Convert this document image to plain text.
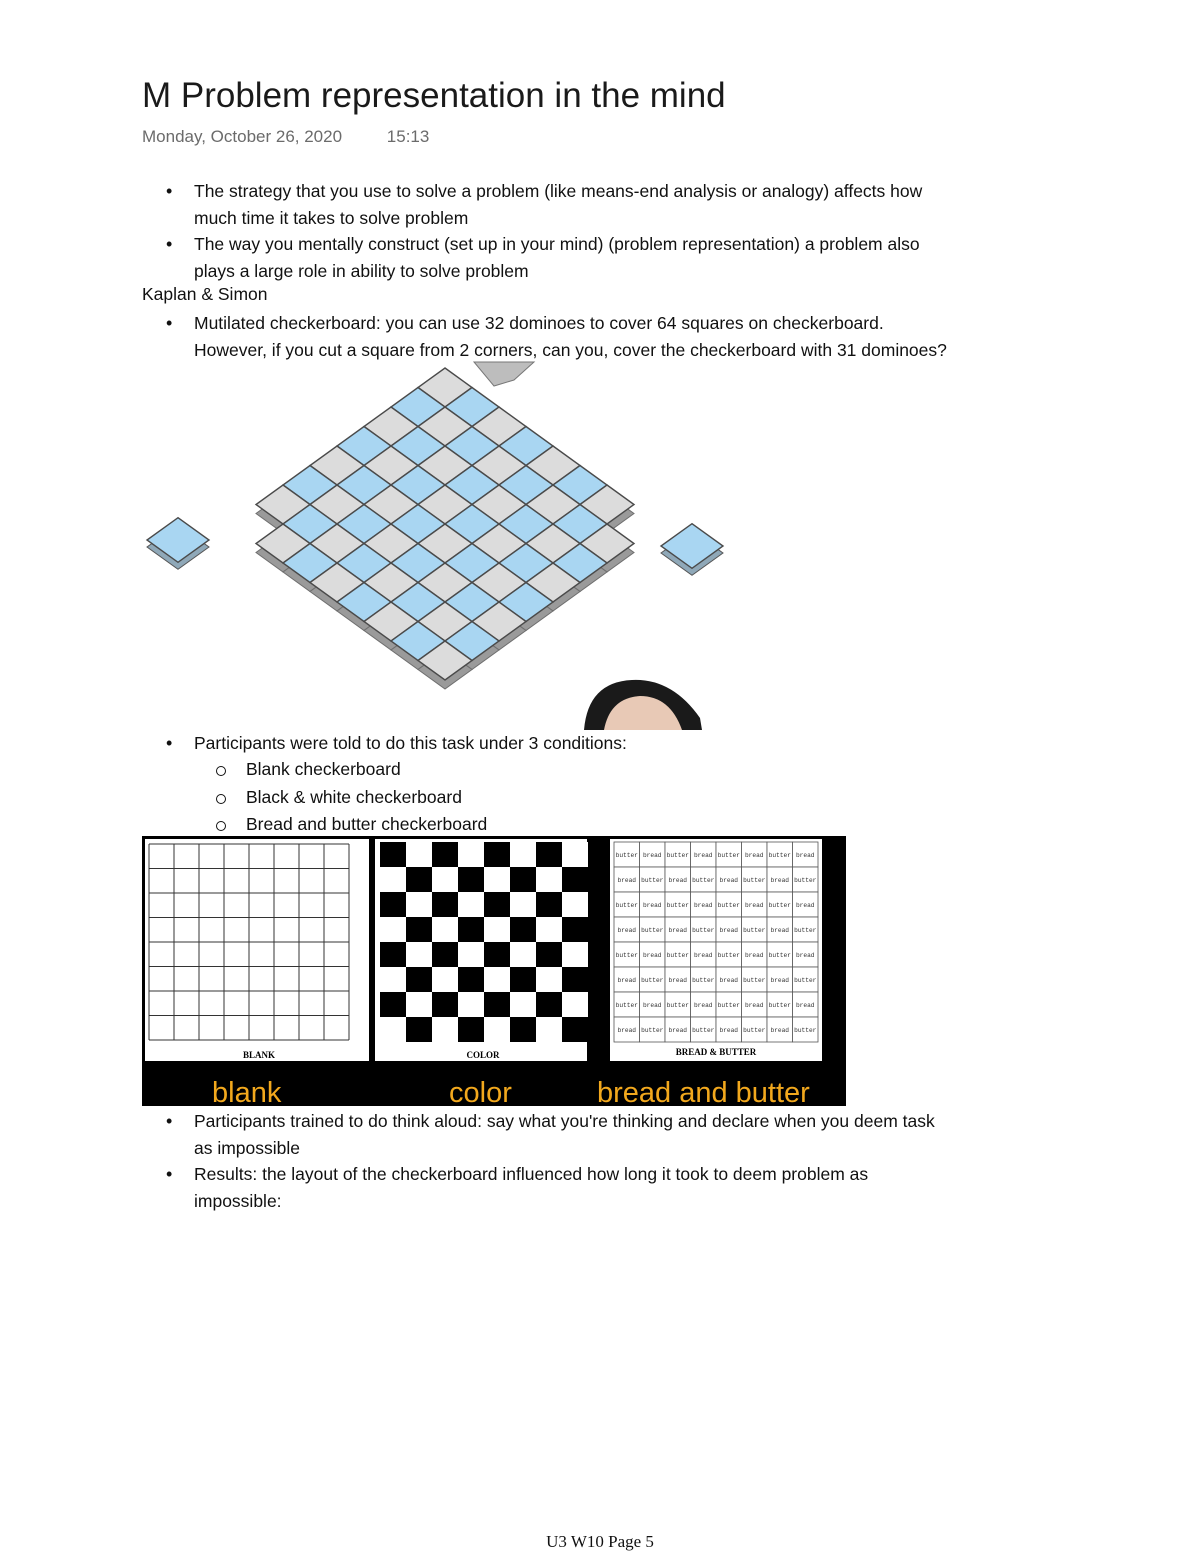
M Problem representation in the mind
Monday, October 26, 2020	15:13
• The strategy that you use to solve a problem (like means-end analysis or analogy) affects how
much time it takes to solve problem
• The way you mentally construct (set up in your mind) (problem representation) a problem also
plays a large role in ability to solve problem
Kaplan & Simon
• Mutilated checkerboard: you can use 32 dominoes to cover 64 squares on checkerboard.
However, if you cut a square from 2 corners, can you, cover the checkerboard with 31 dominoes?
• Participants were told to do this task under 3 conditions:
Blank checkerboard
Black & white checkerboard
Bread and butter checkerboard
butter bread butter bread butter bread butter bread
bread butter bread butter bread butter bread butter
butter bread butter bread butter bread butter bread
bread butter bread butter bread butter bread butter
butter bread butter bread butter bread butter bread
bread butter bread butter bread butter bread butter
butter bread butter bread butter bread butter bread
bread butter bread butter bread butter bread butter
BLANK	COLOR	BREAD & BUTTER
blank	color	bread and butter
• Participants trained to do think aloud: say what you're thinking and declare when you deem task
as impossible
• Results: the layout of the checkerboard influenced how long it took to deem problem as
impossible:
U3 W10 Page 5
